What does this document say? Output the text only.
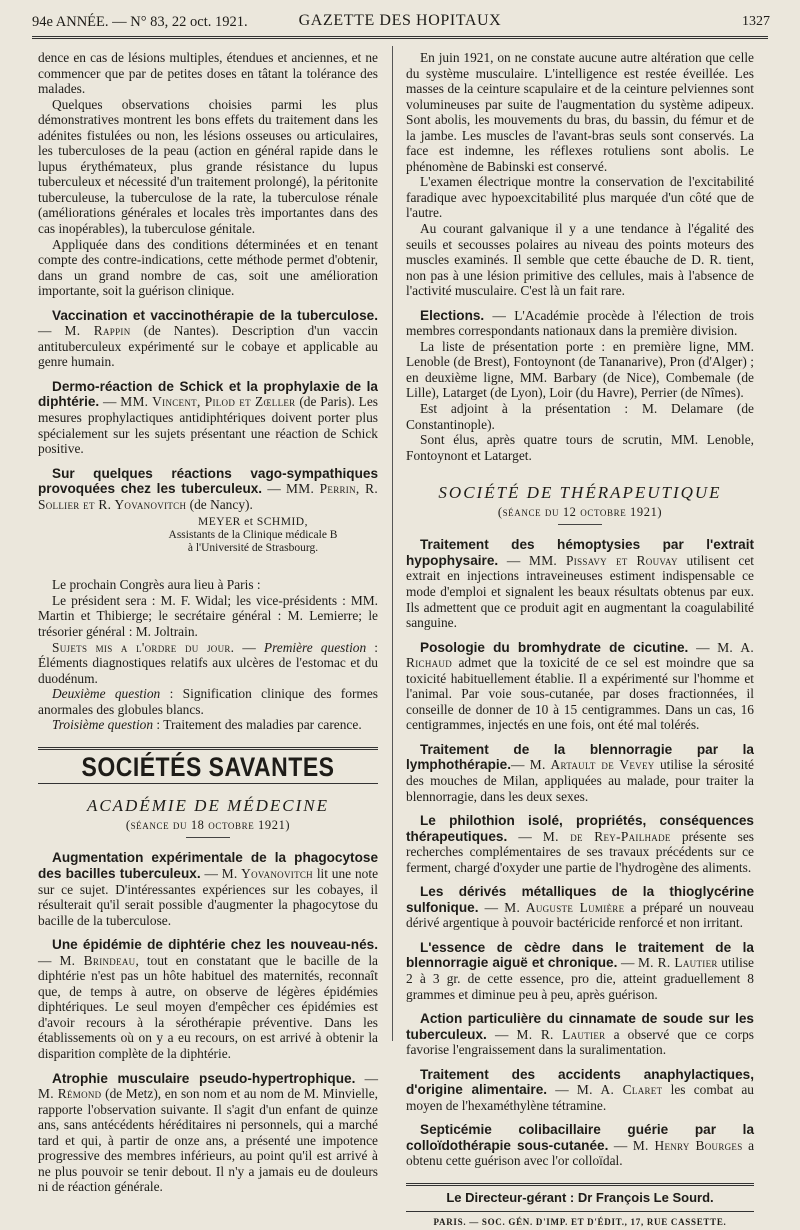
94e ANNÉE. — N° 83, 22 oct. 1921.	GAZETTE DES HOPITAUX	1327

dence en cas de lésions multiples, étendues et anciennes, et ne commencer que par de petites doses en tâtant la tolérance des malades.

Quelques observations choisies parmi les plus démonstratives montrent les bons effets du traitement dans les adénites fistulées ou non, les lésions osseuses ou articulaires, les tuberculoses de la peau (action en général rapide dans le lupus érythémateux, plus grande résistance du lupus tuberculeux et nécessité d'un traitement prolongé), la péritonite tuberculeuse, la tuberculose de la rate, la tuberculose rénale (améliorations générales et locales très importantes dans des cas inopérables), la tuberculose génitale.

Appliquée dans des conditions déterminées et en tenant compte des contre-indications, cette méthode permet d'obtenir, dans un grand nombre de cas, soit une amélioration importante, soit la guérison clinique.

Vaccination et vaccinothérapie de la tuberculose. — M. Rappin (de Nantes). Description d'un vaccin antituberculeux expérimenté sur le cobaye et applicable au genre humain.

Dermo-réaction de Schick et la prophylaxie de la diphtérie. — MM. Vincent, Pilod et Zœller (de Paris). Les mesures prophylactiques antidiphtériques doivent porter plus spécialement sur les sujets présentant une réaction de Schick positive.

Sur quelques réactions vago-sympathiques provoquées chez les tuberculeux. — MM. Perrin, R. Sollier et R. Yovanovitch (de Nancy).

MEYER et SCHMID,
Assistants de la Clinique médicale B
à l'Université de Strasbourg.

Le prochain Congrès aura lieu à Paris :

Le président sera : M. F. Widal; les vice-présidents : MM. Martin et Thibierge; le secrétaire général : M. Lemierre; le trésorier général : M. Joltrain.

Sujets mis a l'ordre du jour. — Première question : Éléments diagnostiques relatifs aux ulcères de l'estomac et du duodénum.

Deuxième question : Signification clinique des formes anormales des globules blancs.

Troisième question : Traitement des maladies par carence.

SOCIÉTÉS SAVANTES
ACADÉMIE DE MÉDECINE
(séance du 18 octobre 1921)

Augmentation expérimentale de la phagocytose des bacilles tuberculeux. — M. Yovanovitch lit une note sur ce sujet. D'intéressantes expériences sur les cobayes, il résulterait qu'il serait possible d'augmenter la phagocytose du bacille de la tuberculose.

Une épidémie de diphtérie chez les nouveau-nés. — M. Brindeau, tout en constatant que le bacille de la diphtérie n'est pas un hôte habituel des maternités, reconnaît que, de temps à autre, on observe de légères épidémies diphtériques. Le seul moyen d'empêcher ces épidémies est d'avoir recours à la sérothérapie préventive. Dans les établissements où on y a eu recours, on est arrivé à obtenir la disparition complète de la diphtérie.

Atrophie musculaire pseudo-hypertrophique. — M. Rémond (de Metz), en son nom et au nom de M. Minvielle, rapporte l'observation suivante. Il s'agit d'un enfant de quinze ans, sans antécédents héréditaires ni personnels, qui a marché tard et qui, à partir de onze ans, a présenté une impotence progressive des membres inférieurs, au point qu'il est arrivé à ne plus pouvoir se tenir debout. Il n'y a jamais eu de douleurs ni de réaction générale.

En juin 1921, on ne constate aucune autre altération que celle du système musculaire. L'intelligence est restée éveillée. Les masses de la ceinture scapulaire et de la ceinture pelviennes sont volumineuses par suite de l'augmentation du système adipeux. Sont abolis, les mouvements du bras, du bassin, du fémur et de la jambe. Les muscles de l'avant-bras seuls sont conservés. La face est indemne, les réflexes rotuliens sont abolis. Le phénomène de Babinski est conservé.

L'examen électrique montre la conservation de l'excitabilité faradique avec hypoexcitabilité plus marquée d'un côté que de l'autre.

Au courant galvanique il y a une tendance à l'égalité des seuils et secousses polaires au niveau des points moteurs des muscles examinés. Il semble que cette ébauche de D. R. tient, non pas à une lésion primitive des cellules, mais à l'absence de l'activité musculaire. C'est là un fait rare.

Elections. — L'Académie procède à l'élection de trois membres correspondants nationaux dans la première division.

La liste de présentation porte : en première ligne, MM. Lenoble (de Brest), Fontoynont (de Tananarive), Pron (d'Alger) ; en deuxième ligne, MM. Barbary (de Nice), Combemale (de Lille), Latarget (de Lyon), Loir (du Havre), Perrier (de Nîmes).

Est adjoint à la présentation : M. Delamare (de Constantinople).

Sont élus, après quatre tours de scrutin, MM. Lenoble, Fontoynont et Latarget.

SOCIÉTÉ DE THÉRAPEUTIQUE
(séance du 12 octobre 1921)

Traitement des hémoptysies par l'extrait hypophysaire. — MM. Pissavy et Rouvay utilisent cet extrait en injections intraveineuses estiment indispensable ce mode d'emploi et signalent les beaux résultats obtenus par eux. Ils admettent que ce produit agit en augmentant la coagulabilité sanguine.

Posologie du bromhydrate de cicutine. — M. A. Richaud admet que la toxicité de ce sel est moindre que sa toxicité habituellement établie. Il a expérimenté sur l'homme et l'animal. Par voie sous-cutanée, par doses fractionnées, il conseille de donner de 10 à 15 centigrammes. Dans un cas, 16 centigrammes, injectés en une fois, ont été mal tolérés.

Traitement de la blennorragie par la lymphothérapie.— M. Artault de Vevey utilise la sérosité des mouches de Milan, appliquées au malade, pour traiter la blennorragie, dans les deux sexes.

Le philothion isolé, propriétés, conséquences thérapeutiques. — M. de Rey-Pailhade présente ses recherches complémentaires de ses travaux précédents sur ce ferment, chargé d'oxyder une partie de l'hydrogène des aliments.

Les dérivés métalliques de la thioglycérine sulfonique. — M. Auguste Lumière a préparé un nouveau dérivé argentique à pouvoir bactéricide renforcé et non irritant.

L'essence de cèdre dans le traitement de la blennorragie aiguë et chronique. — M. R. Lautier utilise 2 à 3 gr. de cette essence, pro die, atteint graduellement 8 grammes et diminue peu à peu, après guérison.

Action particulière du cinnamate de soude sur les tuberculeux. — M. R. Lautier a observé que ce corps favorise l'engraissement dans la suralimentation.

Traitement des accidents anaphylactiques, d'origine alimentaire. — M. A. Claret les combat au moyen de l'hexaméthylène tétramine.

Septicémie colibacillaire guérie par la colloïdothérapie sous-cutanée. — M. Henry Bourges a obtenu cette guérison avec l'or colloïdal.

Le Directeur-gérant : Dr François Le Sourd.
PARIS. — SOC. GÉN. D'IMP. ET D'ÉDIT., 17, RUE CASSETTE.
